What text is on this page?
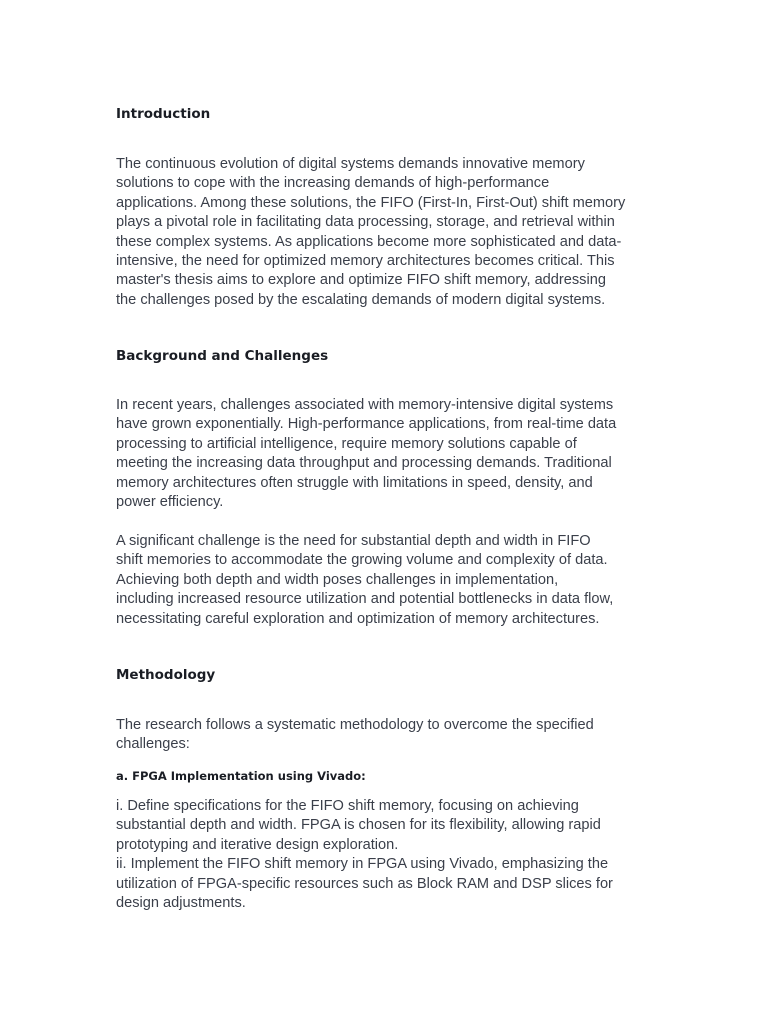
Introduction

The continuous evolution of digital systems demands innovative memory
solutions to cope with the increasing demands of high-performance
applications. Among these solutions, the FIFO (First-In, First-Out) shift memory
plays a pivotal role in facilitating data processing, storage, and retrieval within
these complex systems. As applications become more sophisticated and data-
intensive, the need for optimized memory architectures becomes critical. This
master's thesis aims to explore and optimize FIFO shift memory, addressing
the challenges posed by the escalating demands of modern digital systems.

Background and Challenges

In recent years, challenges associated with memory-intensive digital systems
have grown exponentially. High-performance applications, from real-time data
processing to artificial intelligence, require memory solutions capable of
meeting the increasing data throughput and processing demands. Traditional
memory architectures often struggle with limitations in speed, density, and
power efficiency.

A significant challenge is the need for substantial depth and width in FIFO
shift memories to accommodate the growing volume and complexity of data.
Achieving both depth and width poses challenges in implementation,
including increased resource utilization and potential bottlenecks in data flow,
necessitating careful exploration and optimization of memory architectures.

Methodology

The research follows a systematic methodology to overcome the specified
challenges:

a. FPGA Implementation using Vivado:

i. Define specifications for the FIFO shift memory, focusing on achieving
substantial depth and width. FPGA is chosen for its flexibility, allowing rapid
prototyping and iterative design exploration.
ii. Implement the FIFO shift memory in FPGA using Vivado, emphasizing the
utilization of FPGA-specific resources such as Block RAM and DSP slices for
design adjustments.
